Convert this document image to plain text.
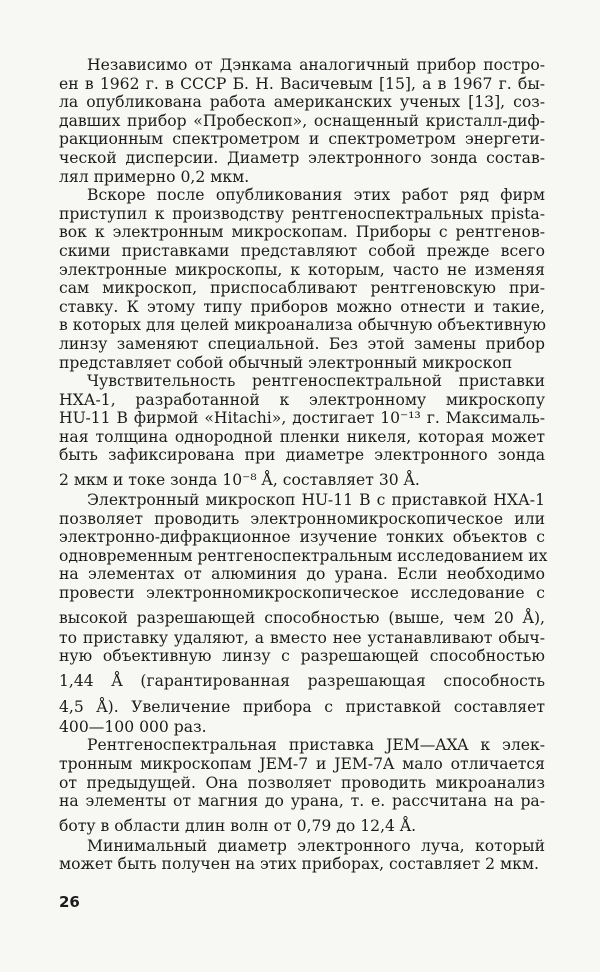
Независимо от Дэнкама аналогичный прибор постро-
ен в 1962 г. в СССР Б. Н. Васичевым [15], а в 1967 г. бы-
ла опубликована работа американских ученых [13], соз-
давших прибор «Пробескоп», оснащенный кристалл-диф-
ракционным спектрометром и спектрометром энергети-
ческой дисперсии. Диаметр электронного зонда состав-
лял примерно 0,2 мкм.
Вскоре после опубликования этих работ ряд фирм
приступил к производству рентгеноспектральных прista-
вок к электронным микроскопам. Приборы с рентгенов-
скими приставками представляют собой прежде всего
электронные микроскопы, к которым, часто не изменяя
сам микроскоп, приспосабливают рентгеновскую при-
ставку. К этому типу приборов можно отнести и такие,
в которых для целей микроанализа обычную объективную
линзу заменяют специальной. Без этой замены прибор
представляет собой обычный электронный микроскоп
Чувствительность рентгеноспектральной приставки
НХА-1, разработанной к электронному микроскопу
HU-11 B фирмой «Hitachi», достигает 10⁻¹³ г. Максималь-
ная толщина однородной пленки никеля, которая может
быть зафиксирована при диаметре электронного зонда
2 мкм и токе зонда 10⁻⁸ Å, составляет 30 Å.
Электронный микроскоп HU-11 B с приставкой НХА-1
позволяет проводить электронномикроскопическое или
электронно-дифракционное изучение тонких объектов с
одновременным рентгеноспектральным исследованием их
на элементах от алюминия до урана. Если необходимо
провести электронномикроскопическое исследование с
высокой разрешающей способностью (выше, чем 20 Å),
то приставку удаляют, а вместо нее устанавливают обыч-
ную объективную линзу с разрешающей способностью
1,44 Å (гарантированная разрешающая способность
4,5 Å). Увеличение прибора с приставкой составляет
400—100 000 раз.
Рентгеноспектральная приставка JEM—AXA к элек-
тронным микроскопам JEM-7 и JEM-7A мало отличается
от предыдущей. Она позволяет проводить микроанализ
на элементы от магния до урана, т. е. рассчитана на ра-
боту в области длин волн от 0,79 до 12,4 Å.
Минимальный диаметр электронного луча, который
может быть получен на этих приборах, составляет 2 мкм.
26
